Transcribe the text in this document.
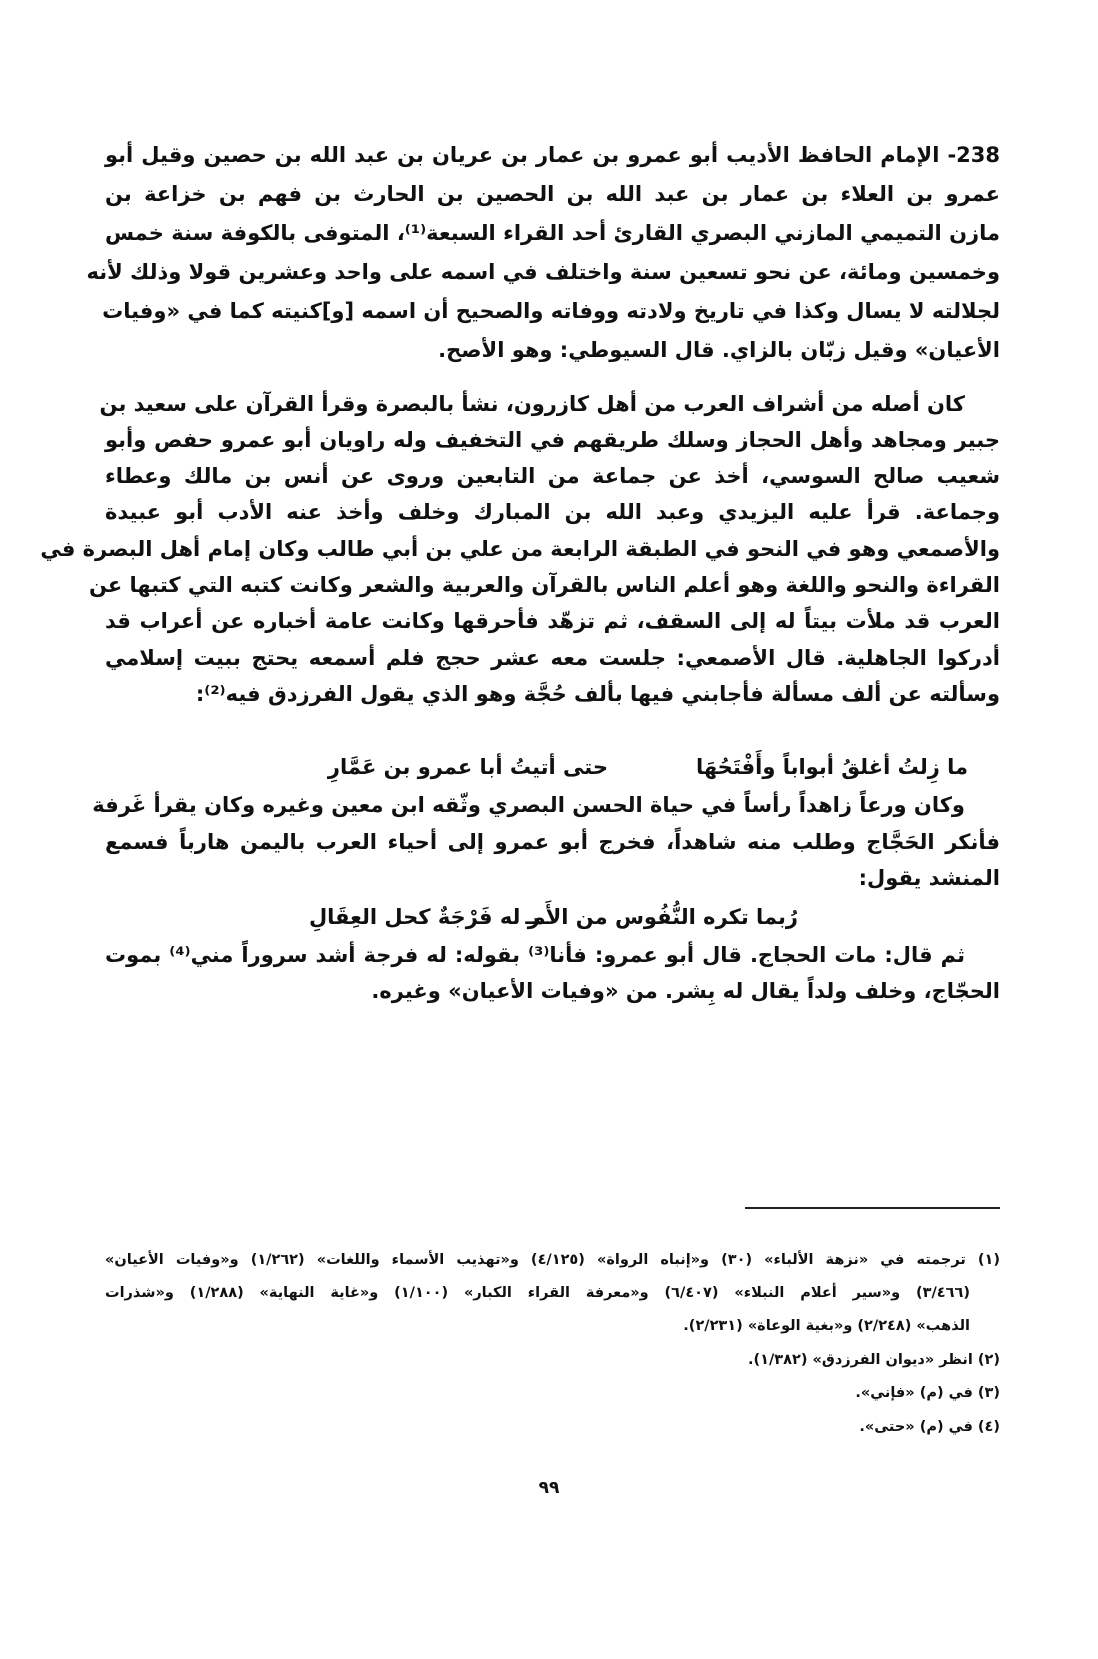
238- الإمام الحافظ الأديب أبو عمرو بن عمار بن عريان بن عبد الله بن حصين وقيل أبو
عمرو بن العلاء بن عمار بن عبد الله بن الحصين بن الحارث بن فهم بن خزاعة بن
مازن التميمي المازني البصري القارئ أحد القراء السبعة⁽¹⁾، المتوفى بالكوفة سنة خمس
وخمسين ومائة، عن نحو تسعين سنة واختلف في اسمه على واحد وعشرين قولا وذلك لأنه
لجلالته لا يسال وكذا في تاريخ ولادته ووفاته والصحيح أن اسمه [و]كنيته كما في «وفيات
الأعيان» وقيل زبّان بالزاي. قال السيوطي: وهو الأصح.
كان أصله من أشراف العرب من أهل كازرون، نشأ بالبصرة وقرأ القرآن على سعيد بن
جبير ومجاهد وأهل الحجاز وسلك طريقهم في التخفيف وله راويان أبو عمرو حفص وأبو
شعيب صالح السوسي، أخذ عن جماعة من التابعين وروى عن أنس بن مالك وعطاء
وجماعة. قرأ عليه اليزيدي وعبد الله بن المبارك وخلف وأخذ عنه الأدب أبو عبيدة
والأصمعي وهو في النحو في الطبقة الرابعة من علي بن أبي طالب وكان إمام أهل البصرة في
القراءة والنحو واللغة وهو أعلم الناس بالقرآن والعربية والشعر وكانت كتبه التي كتبها عن
العرب قد ملأت بيتاً له إلى السقف، ثم تزهّد فأحرقها وكانت عامة أخباره عن أعراب قد
أدركوا الجاهلية. قال الأصمعي: جلست معه عشر حجج فلم أسمعه يحتج ببيت إسلامي
وسألته عن ألف مسألة فأجابني فيها بألف حُجَّة وهو الذي يقول الفرزدق فيه⁽²⁾:
ما زِلتُ أغلقُ أبواباً وأَفْتَحُهَا
حتى أتيتُ أبا عمرو بن عَمَّارِ
وكان ورعاً زاهداً رأساً في حياة الحسن البصري وثّقه ابن معين وغيره وكان يقرأ غَرفة
فأنكر الحَجَّاج وطلب منه شاهداً، فخرج أبو عمرو إلى أحياء العرب باليمن هارباً فسمع
المنشد يقول:
رُبما تكره النُّفُوس من الأَمـ
ـر له فَرْجَةٌ كحل العِقَالِ
ثم قال: مات الحجاج. قال أبو عمرو: فأنا⁽³⁾ بقوله: له فرجة أشد سروراً مني⁽⁴⁾ بموت
الحجّاج، وخلف ولداً يقال له بِشر. من «وفيات الأعيان» وغيره.
(١) ترجمته في «نزهة الألباء» (٣٠) و«إنباه الرواة» (٤/١٢٥) و«تهذيب الأسماء واللغات» (١/٢٦٢) و«وفيات الأعيان»
(٣/٤٦٦) و«سير أعلام النبلاء» (٦/٤٠٧) و«معرفة القراء الكبار» (١/١٠٠) و«غاية النهاية» (١/٢٨٨) و«شذرات
الذهب» (٢/٢٤٨) و«بغية الوعاة» (٢/٢٣١).
(٢) انظر «ديوان الفرزدق» (١/٣٨٢).
(٣) في (م) «فإني».
(٤) في (م) «حتى».
٩٩
